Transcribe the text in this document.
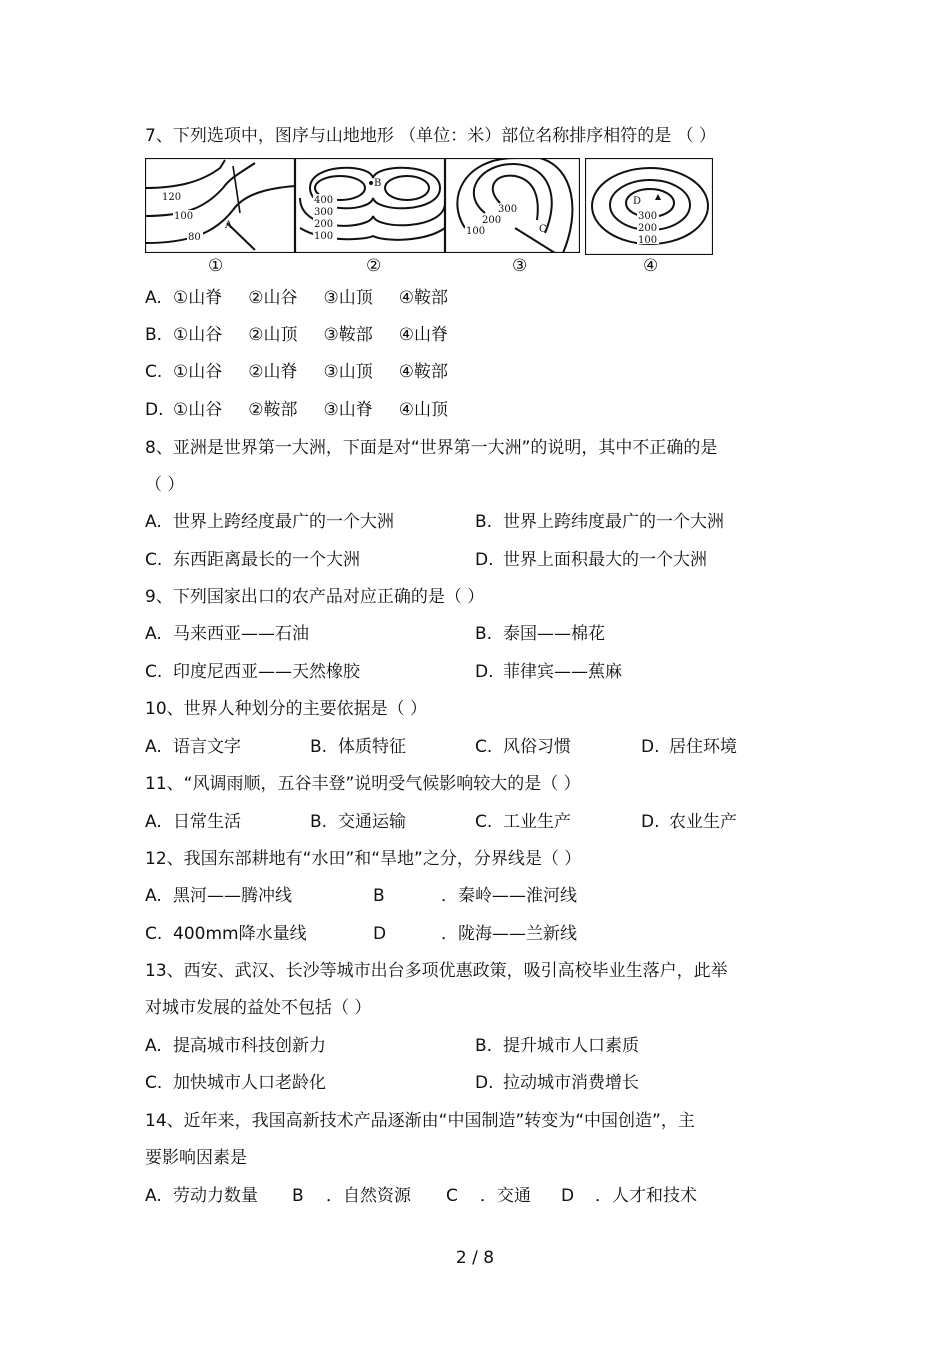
7、下列选项中，图序与山地地形 （单位：米）部位名称排序相符的是 （ ）
120
100
80
A
B
400
300
200
100
300
200
100	C
D
300
200
100
①	②	③	④
A. ①山脊 ②山谷 ③山顶 ④鞍部
B. ①山谷 ②山顶 ③鞍部 ④山脊
C. ①山谷 ②山脊 ③山顶 ④鞍部
D. ①山谷 ②鞍部 ③山脊 ④山顶
8、亚洲是世界第一大洲，下面是对“世界第一大洲”的说明，其中不正确的是
（ ）
A. 世界上跨经度最广的一个大洲	B. 世界上跨纬度最广的一个大洲
C. 东西距离最长的一个大洲	D. 世界上面积最大的一个大洲
9、下列国家出口的农产品对应正确的是（ ）
A. 马来西亚——石油	B. 泰国——棉花
C. 印度尼西亚——天然橡胶	D. 菲律宾——蕉麻
10、世界人种划分的主要依据是（ ）
A. 语言文字	B. 体质特征	C. 风俗习惯	D. 居住环境
11、“风调雨顺，五谷丰登”说明受气候影响较大的是（ ）
A. 日常生活	B. 交通运输	C. 工业生产	D. 农业生产
12、我国东部耕地有“水田”和“旱地”之分，分界线是（ ）
A. 黑河——腾冲线	B	．秦岭——淮河线
C. 400mm降水量线	D	．陇海——兰新线
13、西安、武汉、长沙等城市出台多项优惠政策，吸引高校毕业生落户，此举
对城市发展的益处不包括（ ）
A. 提高城市科技创新力	B. 提升城市人口素质
C. 加快城市人口老龄化	D. 拉动城市消费增长
14、近年来，我国高新技术产品逐渐由“中国制造”转变为“中国创造”，主
要影响因素是
A. 劳动力数量 B ．自然资源 C ．交通 D ．人才和技术
2 / 8
